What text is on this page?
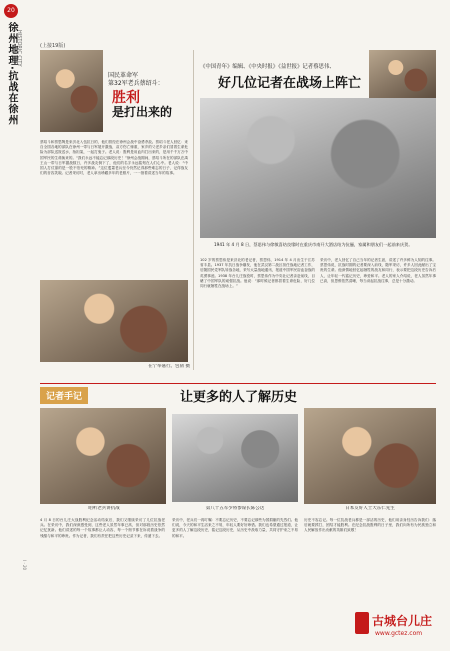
20
徐州地理·抗战在徐州 HISTORIC CITY
I · 20
(上接19版)
国民革命军
第32军老兵蔡绍斗：
胜利
是打出来的
蔡绍斗和蔡思陶是来济北入伍抗日的，他们曾经在徐州会战中奋勇杀敌。蔡绍斗老人回忆：来自全国各地的部队在徐州一带与日军展开激战，双方伤亡惨重，家乡的父老乡亲们冒着生命危险为部队送饭送水，抬担架，一起打鬼子。老人说：胜利是用血肉打出来的，是用千千万万中国军民的生命换来的。“我们永远不能忘记那段历史！”徐州会战期间，蔡绍斗所在的部队在禹王山一带与日军激战数日，许多战友倒下了，他们的名字永远铭刻在人们心中。老人说：“中国人打仗靠的是一股不怕死的精神。”这位耄耋老兵至今仍然记得那些难忘的日子，记得战友们的音容笑貌。记者采访时，老人拿出珍藏多年的老照片，一一指着讲述当年的故事。
在宁举嘉行。包韧 摄
《中国青年》编辑、《中央时报》《益世报》记者蔡思伟、
好几位记者在战场上阵亡
1941 年 4 月 8 日，蔡思伟与徐敏喜结良缘时在重庆市南开大酒店结为伉俪，家属和朋友们一起前来庆贺。
102 岁的蔡思伟是来济北的老记者，蔡思伟，1914 年 4 月出生于江苏省丰县。1937 年抗日战争爆发，他在武汉第二战区担任战地记者工作，后随国民党军队转战各地，采写大量战地通讯，报道中国军民浴血奋战的英勇事迹。1938 年台儿庄战役时，蔡思伟作为中央社记者亲赴前线，目睹了中国军队的顽强抗战。他说：“那时候记者都冒着生命危险，好几位同行就牺牲在战场上。”
采访中，老人回忆了自己当年的记者生涯，讲述了许多鲜为人知的往事。蔡思伟说，抗战时期的记者要深入前线，随军采访，许多人因此献出了宝贵的生命。他深情地回忆起牺牲的战友和同行，表示要把这段历史告诉后人，让年轻一代铭记历史，珍爱和平。老人的家人介绍说，老人虽然年事已高，但思维依然清晰，每当谈起抗战往事，总是十分激动。
记者手记	让更多的人了解历史
咱听老兵讲抗战	第八十五军少将参谋长陈公达	日本友好人士大东仁先生
4 月 8 日的台儿庄大战胜利纪念活动结束后，我们又继续采访了几位抗战老兵。在采访中，我们深深感受到，这些老人虽然年事已高，但对那段历史依然记忆犹新。他们讲述的每一个故事都让人动容，每一个细节都在诉说着战争的残酷与和平的珍贵。作为记者，我们有责任把这些历史记录下来，传递下去。
采访中，老兵们一再叮嘱：不要忘记历史，不要忘记那些为国捐躯的先烈们。他们说，今天的和平生活来之不易，年轻人要好好珍惜。我们也希望通过报道，让更多的人了解这段历史，铭记这段历史，从历史中汲取力量，共同守护来之不易的和平。
历史不容忘记。每一位抗战老兵都是一部活的历史，他们用亲身经历告诉我们：落后就要挨打，团结才能胜利。在纪念抗战胜利的日子里，我们向所有为民族独立和人民解放作出贡献的英雄们致敬！
古城台儿庄
www.gctez.com
